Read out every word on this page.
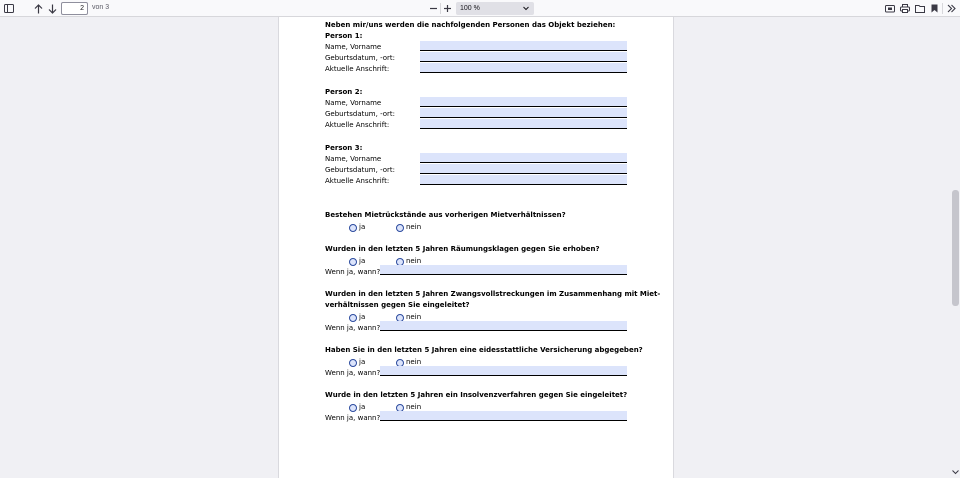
2	von 3	100 %
Neben mir/uns werden die nachfolgenden Personen das Objekt beziehen:
Person 1:
Name, Vorname
Geburtsdatum, -ort:
Aktuelle Anschrift:
Person 2:
Name, Vorname
Geburtsdatum, -ort:
Aktuelle Anschrift:
Person 3:
Name, Vorname
Geburtsdatum, -ort:
Aktuelle Anschrift:
Bestehen Mietrückstände aus vorherigen Mietverhältnissen?
ja	nein
Wurden in den letzten 5 Jahren Räumungsklagen gegen Sie erhoben?
ja	nein
Wenn ja, wann?
Wurden in den letzten 5 Jahren Zwangsvollstreckungen im Zusammenhang mit Miet-
verhältnissen gegen Sie eingeleitet?
ja	nein
Wenn ja, wann?
Haben Sie in den letzten 5 Jahren eine eidesstattliche Versicherung abgegeben?
ja	nein
Wenn ja, wann?
Wurde in den letzten 5 Jahren ein Insolvenzverfahren gegen Sie eingeleitet?
ja	nein
Wenn ja, wann?
